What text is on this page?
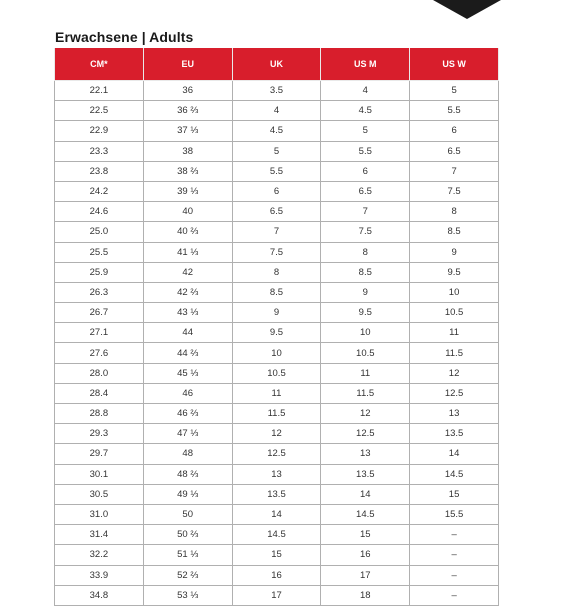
Erwachsene | Adults
CM*	EU	UK	US M	US W
22.1	36	3.5	4	5
22.5	36 ⅔	4	4.5	5.5
22.9	37 ⅓	4.5	5	6
23.3	38	5	5.5	6.5
23.8	38 ⅔	5.5	6	7
24.2	39 ⅓	6	6.5	7.5
24.6	40	6.5	7	8
25.0	40 ⅔	7	7.5	8.5
25.5	41 ⅓	7.5	8	9
25.9	42	8	8.5	9.5
26.3	42 ⅔	8.5	9	10
26.7	43 ⅓	9	9.5	10.5
27.1	44	9.5	10	11
27.6	44 ⅔	10	10.5	11.5
28.0	45 ⅓	10.5	11	12
28.4	46	11	11.5	12.5
28.8	46 ⅔	11.5	12	13
29.3	47 ⅓	12	12.5	13.5
29.7	48	12.5	13	14
30.1	48 ⅔	13	13.5	14.5
30.5	49 ⅓	13.5	14	15
31.0	50	14	14.5	15.5
31.4	50 ⅔	14.5	15	–
32.2	51 ⅓	15	16	–
33.9	52 ⅔	16	17	–
34.8	53 ⅓	17	18	–
